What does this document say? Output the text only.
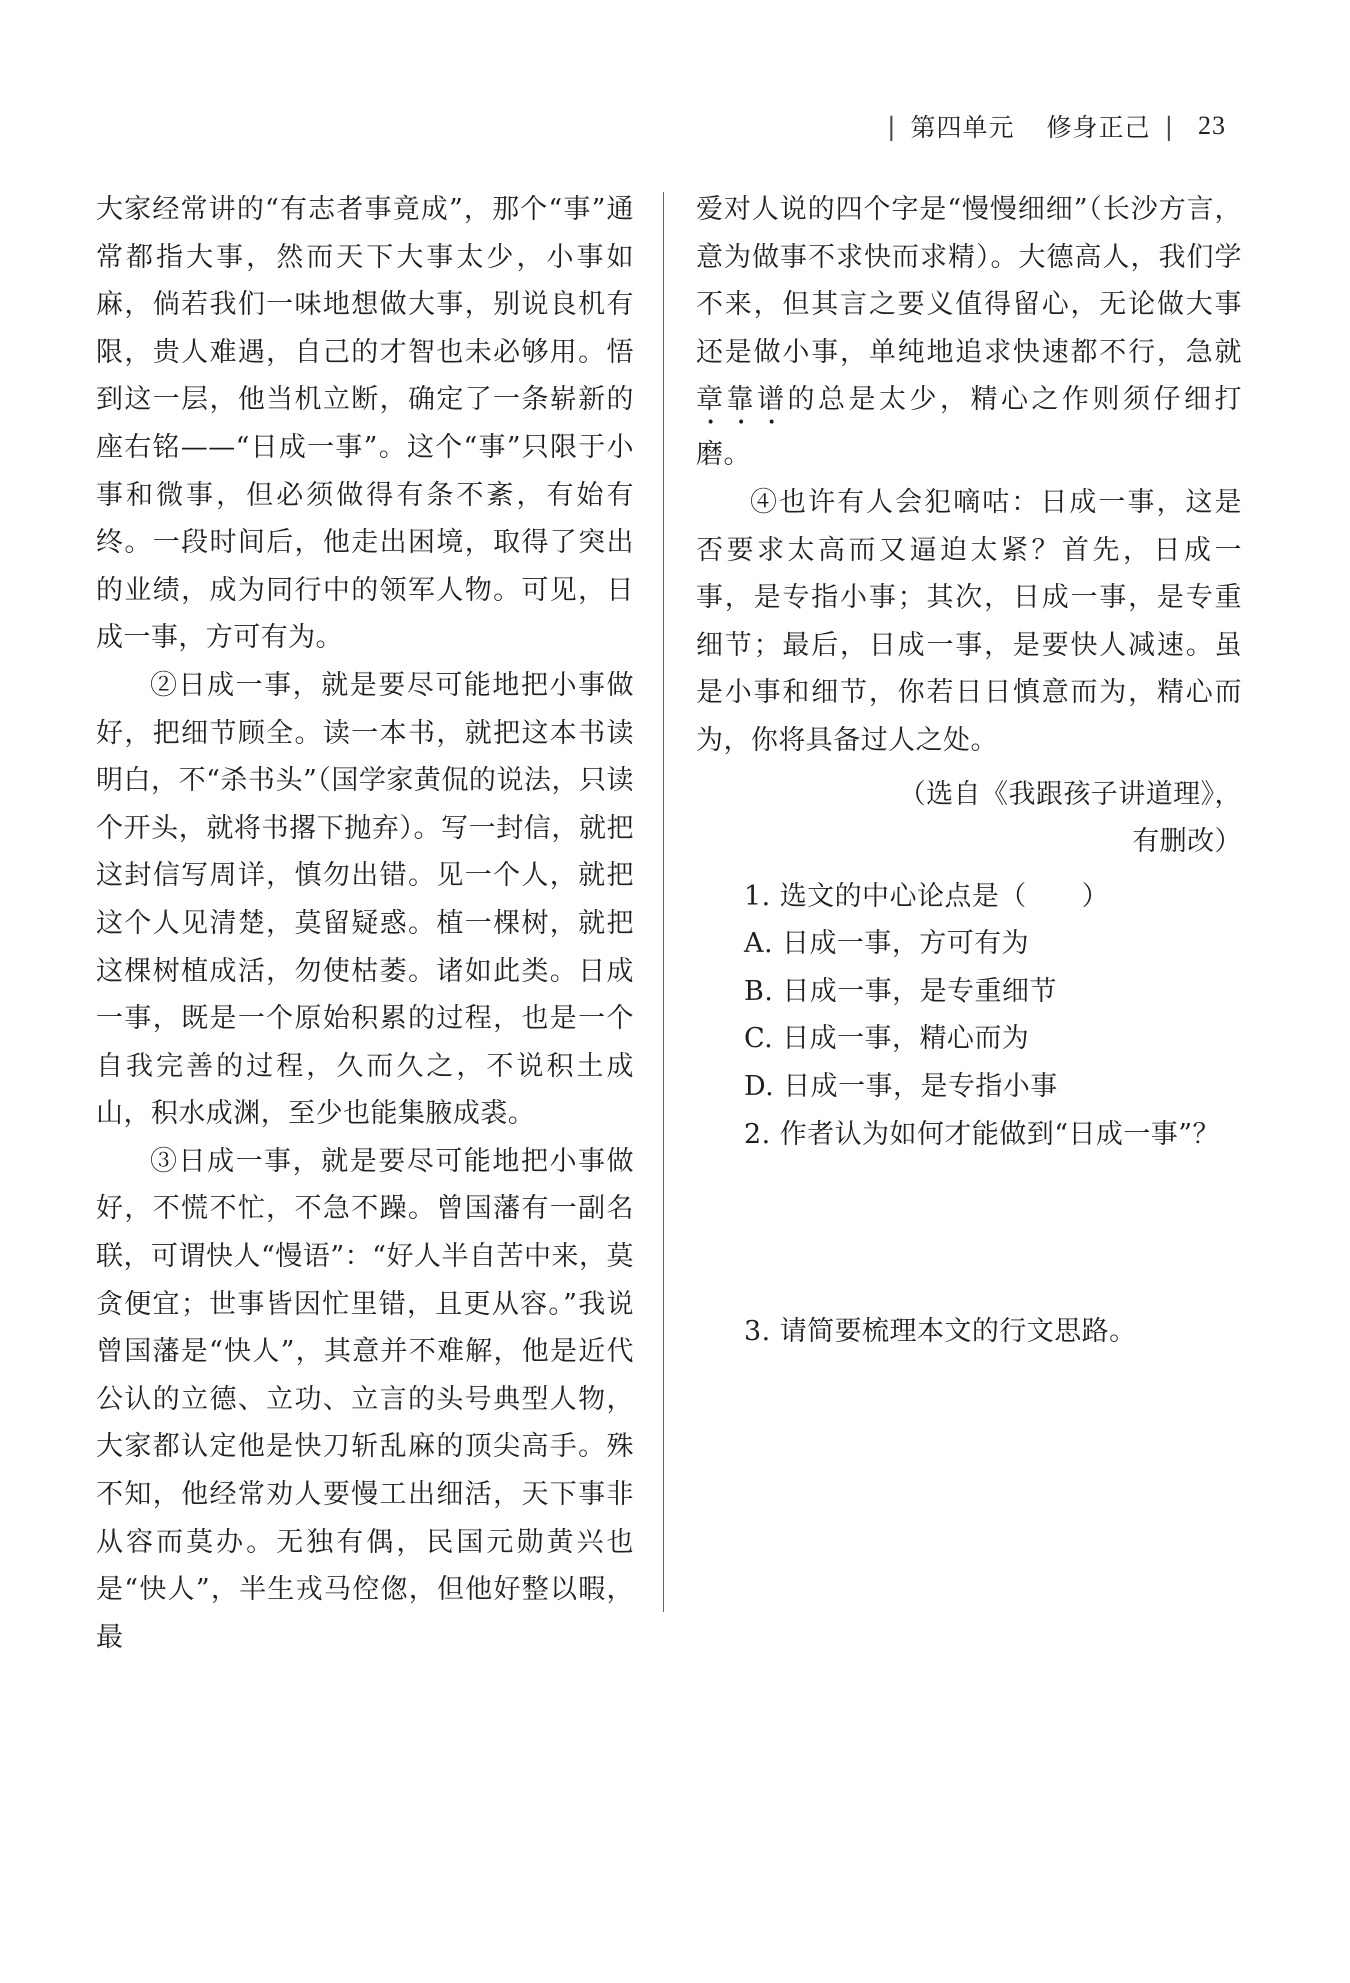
| 第四单元 修身正己 | 23

大家经常讲的“有志者事竟成”，那个“事”通常都指大事，然而天下大事太少，小事如麻，倘若我们一味地想做大事，别说良机有限，贵人难遇，自己的才智也未必够用。悟到这一层，他当机立断，确定了一条崭新的座右铭——“日成一事”。这个“事”只限于小事和微事，但必须做得有条不紊，有始有终。一段时间后，他走出困境，取得了突出的业绩，成为同行中的领军人物。可见，日成一事，方可有为。

②日成一事，就是要尽可能地把小事做好，把细节顾全。读一本书，就把这本书读明白，不“杀书头”（国学家黄侃的说法，只读个开头，就将书撂下抛弃）。写一封信，就把这封信写周详，慎勿出错。见一个人，就把这个人见清楚，莫留疑惑。植一棵树，就把这棵树植成活，勿使枯萎。诸如此类。日成一事，既是一个原始积累的过程，也是一个自我完善的过程，久而久之，不说积土成山，积水成渊，至少也能集腋成裘。

③日成一事，就是要尽可能地把小事做好，不慌不忙，不急不躁。曾国藩有一副名联，可谓快人“慢语”：“好人半自苦中来，莫贪便宜；世事皆因忙里错，且更从容。”我说曾国藩是“快人”，其意并不难解，他是近代公认的立德、立功、立言的头号典型人物，大家都认定他是快刀斩乱麻的顶尖高手。殊不知，他经常劝人要慢工出细活，天下事非从容而莫办。无独有偶，民国元勋黄兴也是“快人”，半生戎马倥偬，但他好整以暇，最

爱对人说的四个字是“慢慢细细”（长沙方言，意为做事不求快而求精）。大德高人，我们学不来，但其言之要义值得留心，无论做大事还是做小事，单纯地追求快速都不行，急就章靠谱的总是太少，精心之作则须仔细打磨。

④也许有人会犯嘀咕：日成一事，这是否要求太高而又逼迫太紧？首先，日成一事，是专指小事；其次，日成一事，是专重细节；最后，日成一事，是要快人减速。虽是小事和细节，你若日日慎意而为，精心而为，你将具备过人之处。

（选自《我跟孩子讲道理》，

有删改）

1. 选文的中心论点是（　　）

A. 日成一事，方可有为

B. 日成一事，是专重细节

C. 日成一事，精心而为

D. 日成一事，是专指小事

2. 作者认为如何才能做到“日成一事”？

3. 请简要梳理本文的行文思路。
